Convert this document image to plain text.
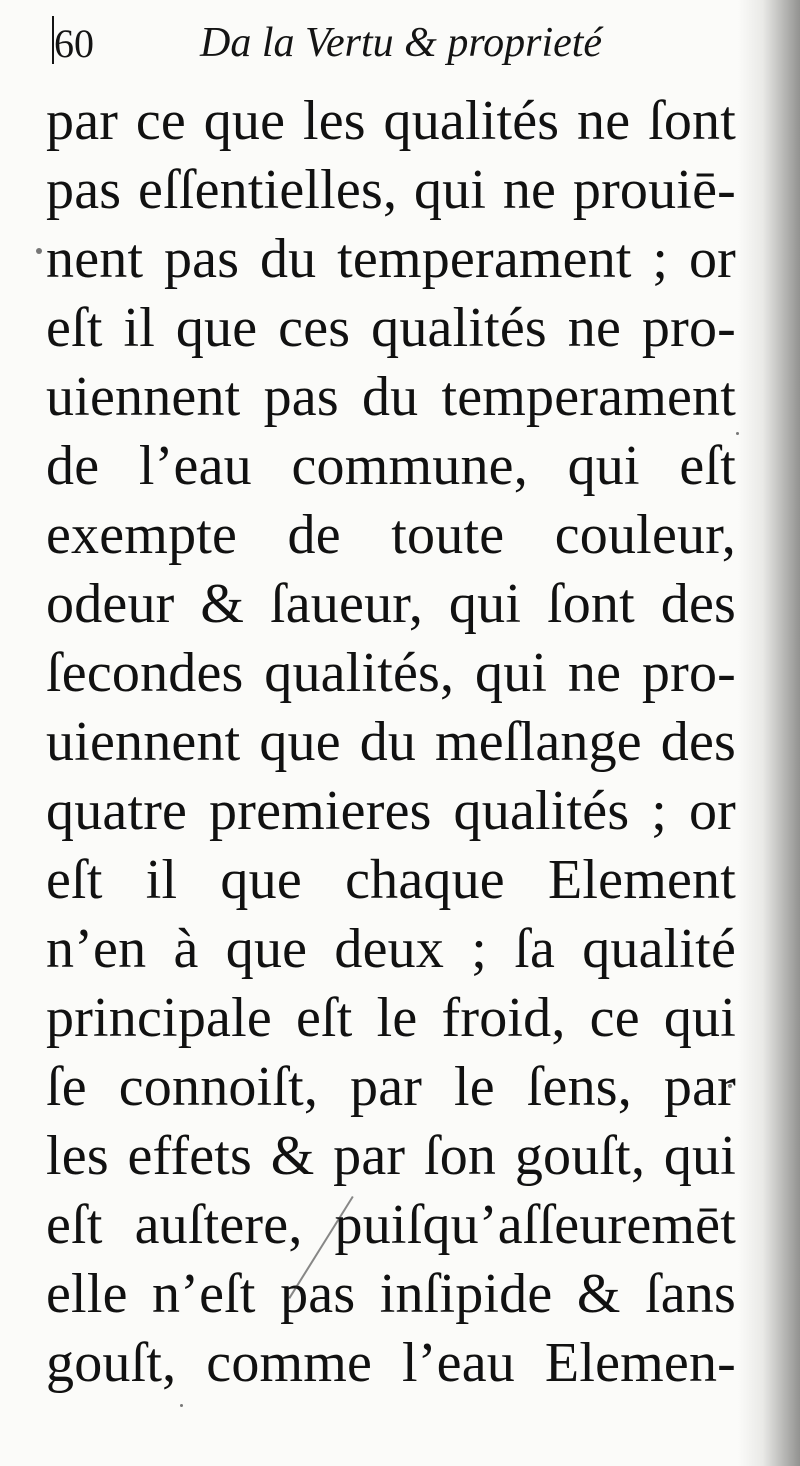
60	Da la Vertu & proprieté
par ce que les qualités ne ſont
pas eſſentielles, qui ne prouiē-
nent pas du temperament ; or
eſt il que ces qualités ne pro-
uiennent pas du temperament
de l’eau commune, qui eſt
exempte de toute couleur,
odeur & ſaueur, qui ſont des
ſecondes qualités, qui ne pro-
uiennent que du meſlange des
quatre premieres qualités ; or
eſt il que chaque Element
n’en à que deux ; ſa qualité
principale eſt le froid, ce qui
ſe connoiſt, par le ſens, par
les effets & par ſon gouſt, qui
eſt auſtere, puiſqu’aſſeuremēt
elle n’eſt pas inſipide & ſans
gouſt, comme l’eau Elemen-
